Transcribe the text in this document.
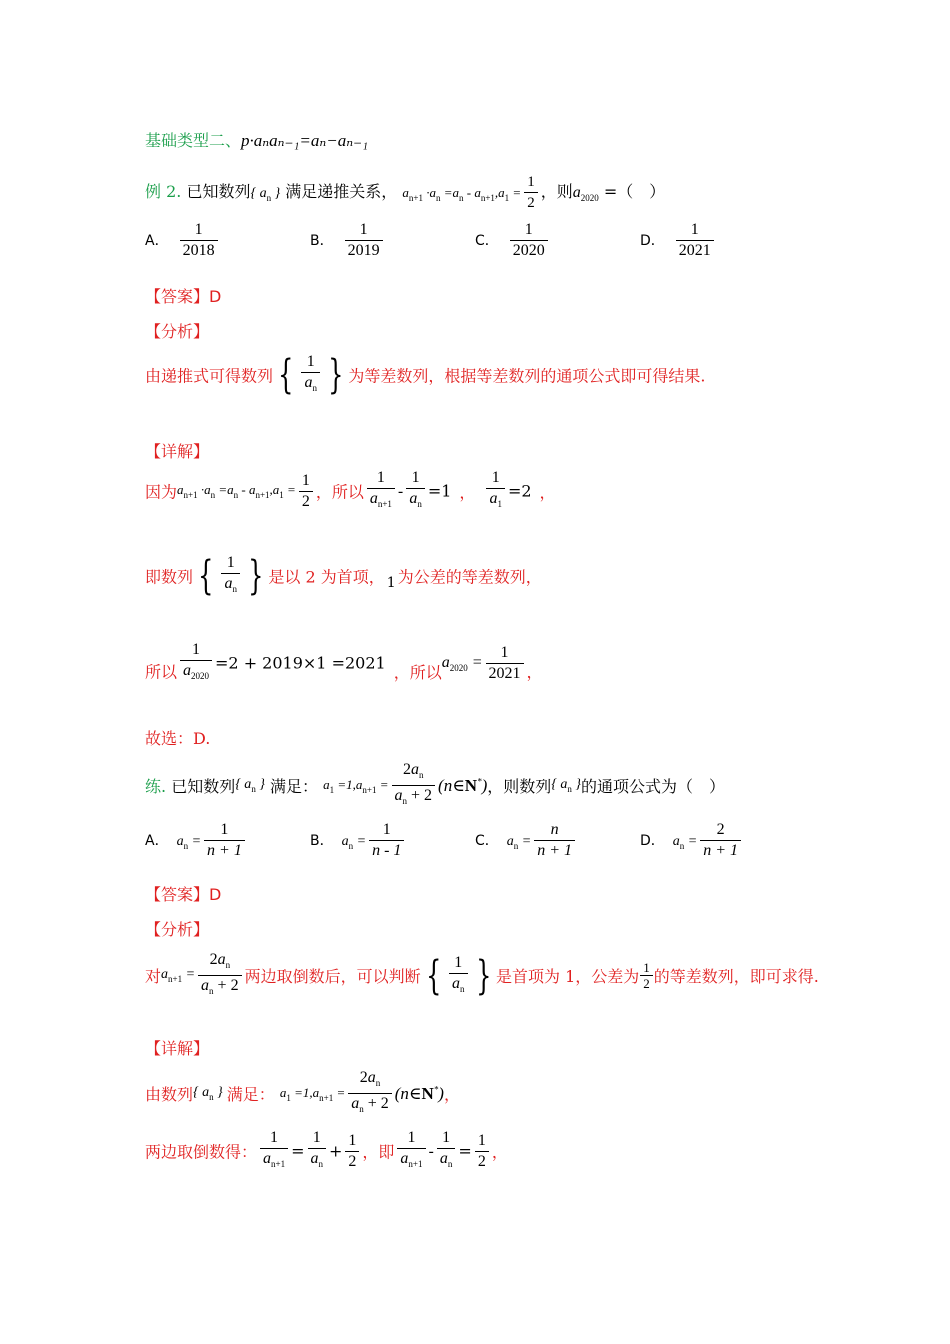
基础类型二、p·aₙaₙ₋₁=aₙ−aₙ₋₁
例 2. 已知数列{ $a_n$ } 满足递推关系， $a_{n+1} \cdot a_n =a_n - a_{n+1},a_1 = \frac{1}{2}$ ，则$a_{2020}$ =（　）
A． $\frac{1}{2018}$	B． $\frac{1}{2019}$	C． $\frac{1}{2020}$	D． $\frac{1}{2021}$
【答案】D
【分析】
由递推式可得数列 { $\frac{1}{a_n}$ } 为等差数列，根据等差数列的通项公式即可得结果.
【详解】
因为$a_{n+1} \cdot a_n =a_n - a_{n+1},a_1 = \frac{1}{2}$ ，所以 $\frac{1}{a_{n+1}} - \frac{1}{a_n} =1$ ， $\frac{1}{a_1} =2$ ，
即数列 { $\frac{1}{a_n}$ } 是以 2 为首项， 1 为公差的等差数列，
所以 $\frac{1}{a_{2020}} =2 + 2019\times 1 =2021$ ，所以$a_{2020} = \frac{1}{2021}$ ，
故选：D.
练. 已知数列{ $a_n$ } 满足： $a_1 =1,a_{n+1} = \frac{2a_n}{a_n + 2}$ (n∈N*)，则数列{ $a_n$ }的通项公式为（　）
A． $a_n = \frac{1}{n + 1}$	B． $a_n = \frac{1}{n - 1}$	C． $a_n = \frac{n}{n + 1}$	D． $a_n = \frac{2}{n + 1}$
【答案】D
【分析】
对$a_{n+1} = \frac{2a_n}{a_n + 2}$ 两边取倒数后，可以判断 { $\frac{1}{a_n}$ } 是首项为 1，公差为 $\frac{1}{2}$ 的等差数列，即可求得.
【详解】
由数列{ $a_n$ } 满足： $a_1 =1,a_{n+1} = \frac{2a_n}{a_n + 2}$ (n∈N*)，
两边取倒数得： $\frac{1}{a_{n+1}} = \frac{1}{a_n} + \frac{1}{2}$ ，即 $\frac{1}{a_{n+1}} - \frac{1}{a_n} = \frac{1}{2}$ ，
